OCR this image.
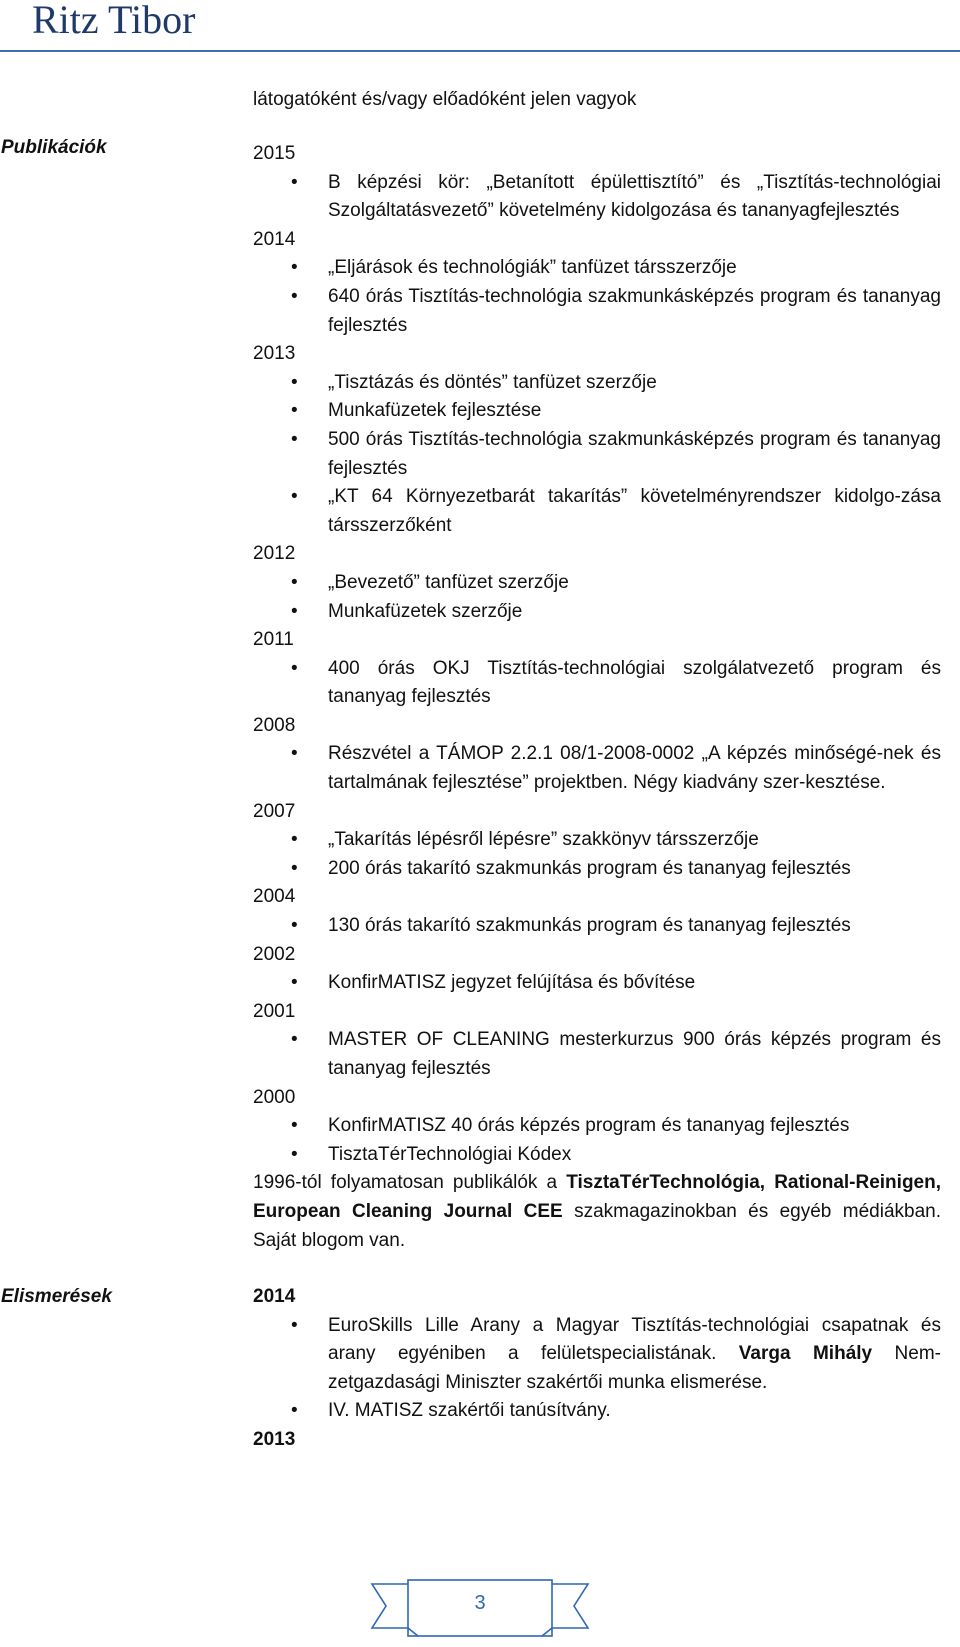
Ritz Tibor

látogatóként és/vagy előadóként jelen vagyok

Publikációk	2015

• B képzési kör: „Betanított épülettisztító” és „Tisztítás-technológiai Szolgáltatásvezető” követelmény kidolgozása és tananyagfejlesztés

2014

• „Eljárások és technológiák” tanfüzet társszerzője
• 640 órás Tisztítás-technológia szakmunkásképzés program és tananyag fejlesztés

2013

• „Tisztázás és döntés” tanfüzet szerzője
• Munkafüzetek fejlesztése
• 500 órás Tisztítás-technológia szakmunkásképzés program és tananyag fejlesztés
• „KT 64 Környezetbarát takarítás” követelményrendszer kidolgo-zása társszerzőként

2012

• „Bevezető” tanfüzet szerzője
• Munkafüzetek szerzője

2011

• 400 órás OKJ Tisztítás-technológiai szolgálatvezető program és tananyag fejlesztés

2008

• Részvétel a TÁMOP 2.2.1 08/1-2008-0002 „A képzés minőségé-nek és tartalmának fejlesztése” projektben. Négy kiadvány szer-kesztése.

2007

• „Takarítás lépésről lépésre” szakkönyv társszerzője
• 200 órás takarító szakmunkás program és tananyag fejlesztés

2004

• 130 órás takarító szakmunkás program és tananyag fejlesztés

2002

• KonfirMATISZ jegyzet felújítása és bővítése

2001

• MASTER OF CLEANING mesterkurzus 900 órás képzés program és tananyag fejlesztés

2000

• KonfirMATISZ 40 órás képzés program és tananyag fejlesztés
• TisztaTérTechnológiai Kódex

1996-tól folyamatosan publikálók a TisztaTérTechnológia, Rational-Reinigen, European Cleaning Journal CEE szakmagazinokban és egyéb médiákban. Saját blogom van.

Elismerések	2014

• EuroSkills Lille Arany a Magyar Tisztítás-technológiai csapatnak és arany egyéniben a felületspecialistának. Varga Mihály Nem-zetgazdasági Miniszter szakértői munka elismerése.
• IV. MATISZ szakértői tanúsítvány.

2013

3
